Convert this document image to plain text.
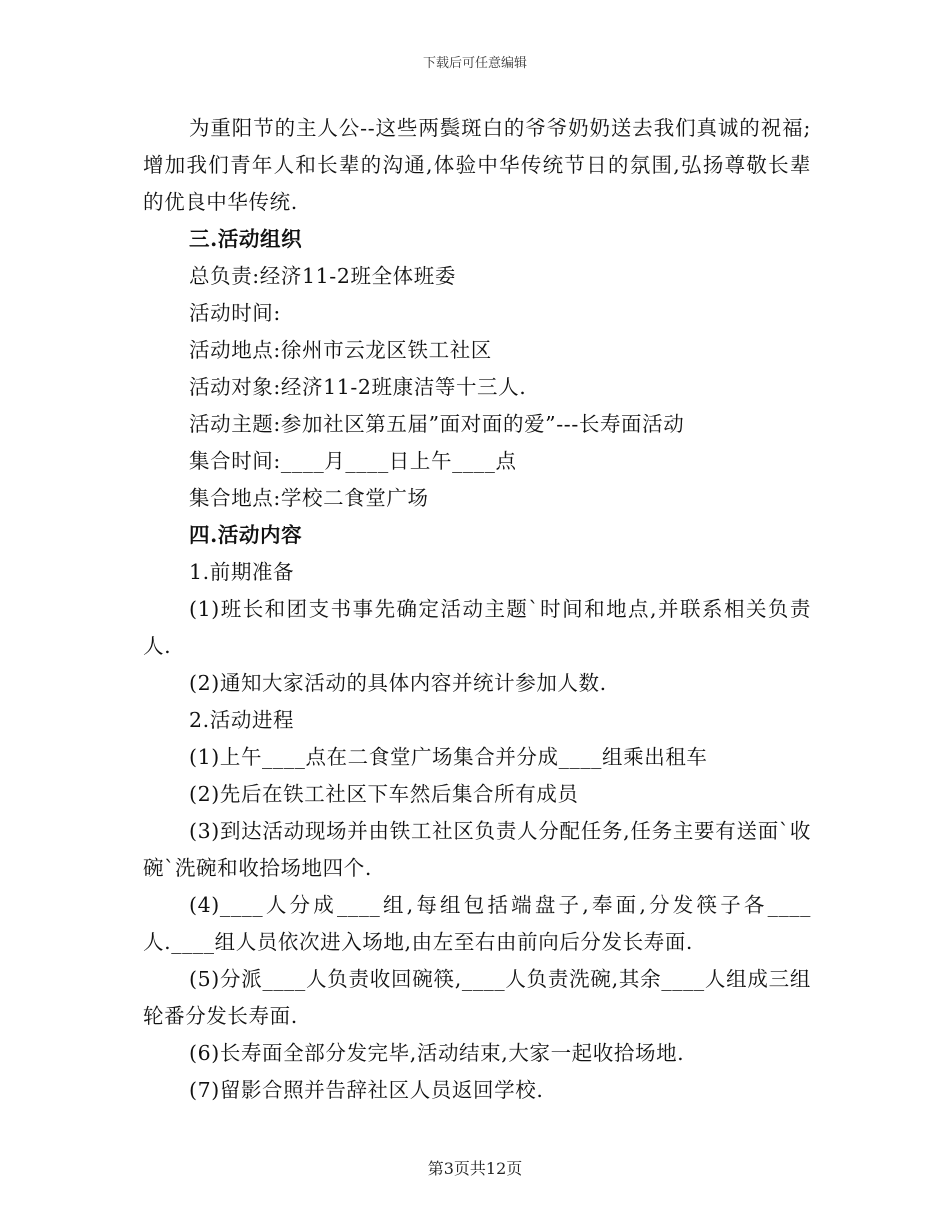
下载后可任意编辑

为重阳节的主人公--这些两鬓斑白的爷爷奶奶送去我们真诚的祝福;增加我们青年人和长辈的沟通,体验中华传统节日的氛围,弘扬尊敬长辈的优良中华传统.

三.活动组织

总负责:经济11-2班全体班委

活动时间:

活动地点:徐州市云龙区铁工社区

活动对象:经济11-2班康洁等十三人.

活动主题:参加社区第五届”面对面的爱”---长寿面活动

集合时间:____月____日上午____点

集合地点:学校二食堂广场

四.活动内容

1.前期准备

(1)班长和团支书事先确定活动主题`时间和地点,并联系相关负责人.

(2)通知大家活动的具体内容并统计参加人数.

2.活动进程

(1)上午____点在二食堂广场集合并分成____组乘出租车

(2)先后在铁工社区下车然后集合所有成员

(3)到达活动现场并由铁工社区负责人分配任务,任务主要有送面`收碗`洗碗和收拾场地四个.

(4)____人分成____组,每组包括端盘子,奉面,分发筷子各____人.____组人员依次进入场地,由左至右由前向后分发长寿面.

(5)分派____人负责收回碗筷,____人负责洗碗,其余____人组成三组轮番分发长寿面.

(6)长寿面全部分发完毕,活动结束,大家一起收拾场地.

(7)留影合照并告辞社区人员返回学校.

第3页共12页
